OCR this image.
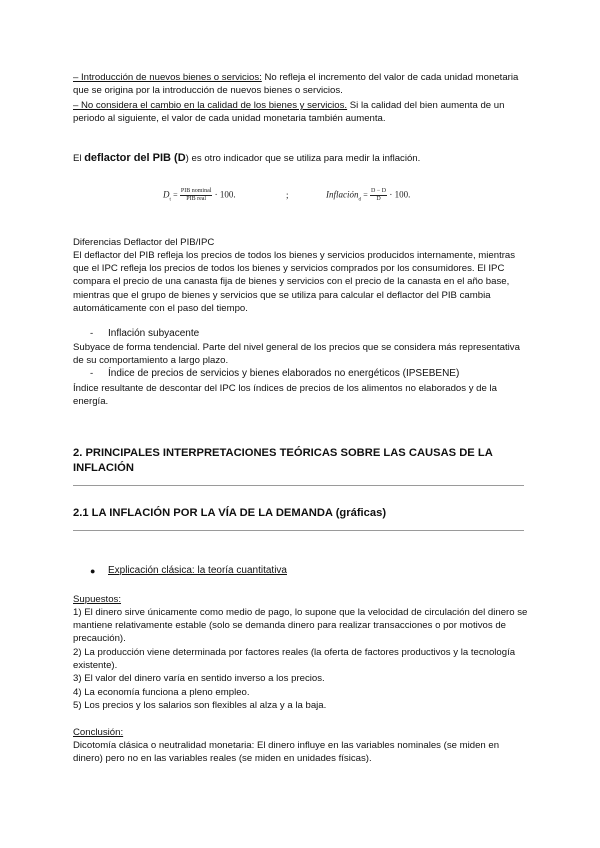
– Introducción de nuevos bienes o servicios: No refleja el incremento del valor de cada unidad monetaria que se origina por la introducción de nuevos bienes o servicios.

– No considera el cambio en la calidad de los bienes y servicios. Si la calidad del bien aumenta de un periodo al siguiente, el valor de cada unidad monetaria también aumenta.

El deflactor del PIB (D) es otro indicador que se utiliza para medir la inflación.

$D_t = \frac{\text{PIB nominal}}{\text{PIB real}} \cdot 100$.	;	Inflación$_d$ = $\frac{D - D}{D} \cdot 100$.

Diferencias Deflactor del PIB/IPC

El deflactor del PIB refleja los precios de todos los bienes y servicios producidos internamente, mientras que el IPC refleja los precios de todos los bienes y servicios comprados por los consumidores. El IPC compara el precio de una canasta fija de bienes y servicios con el precio de la canasta en el año base, mientras que el grupo de bienes y servicios que se utiliza para calcular el deflactor del PIB cambia automáticamente con el paso del tiempo.

- Inflación subyacente

Subyace de forma tendencial. Parte del nivel general de los precios que se considera más representativa de su comportamiento a largo plazo.

- Índice de precios de servicios y bienes elaborados no energéticos (IPSEBENE)

Índice resultante de descontar del IPC los índices de precios de los alimentos no elaborados y de la energía.

2. PRINCIPALES INTERPRETACIONES TEÓRICAS SOBRE LAS CAUSAS DE LA INFLACIÓN

2.1 LA INFLACIÓN POR LA VÍA DE LA DEMANDA (gráficas)

● Explicación clásica: la teoría cuantitativa

Supuestos:

1) El dinero sirve únicamente como medio de pago, lo supone que la velocidad de circulación del dinero se mantiene relativamente estable (solo se demanda dinero para realizar transacciones o por motivos de precaución).

2) La producción viene determinada por factores reales (la oferta de factores productivos y la tecnología existente).

3) El valor del dinero varía en sentido inverso a los precios.

4) La economía funciona a pleno empleo.

5) Los precios y los salarios son flexibles al alza y a la baja.

Conclusión:

Dicotomía clásica o neutralidad monetaria: El dinero influye en las variables nominales (se miden en dinero) pero no en las variables reales (se miden en unidades físicas).
